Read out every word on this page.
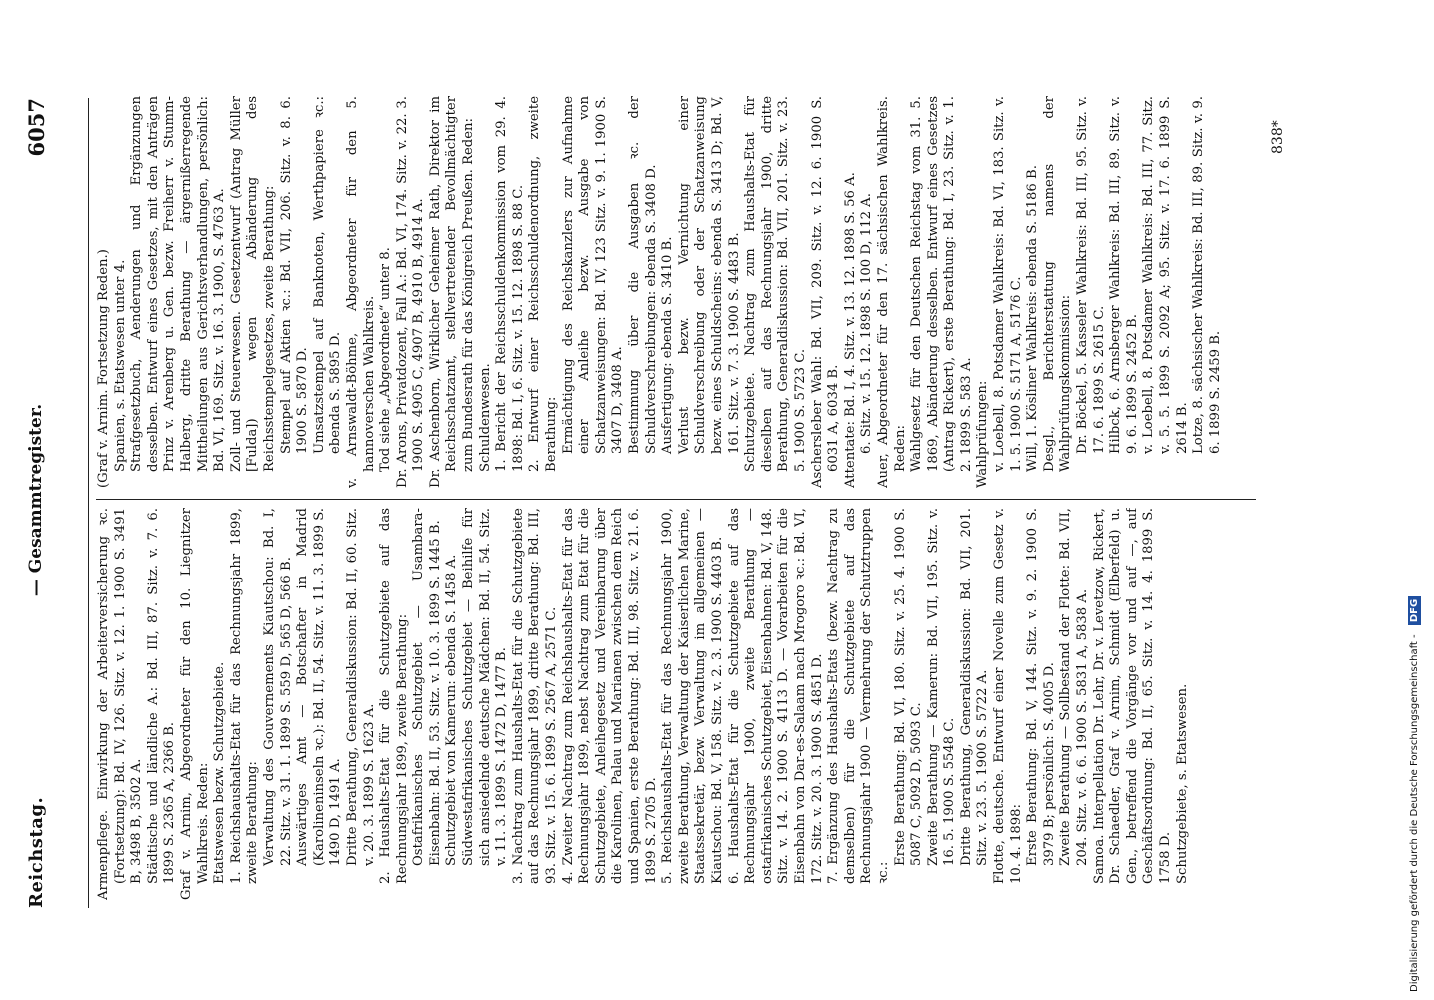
Reichstag.
— Gesammtregister.
6057

Armenpflege. Einwirkung der Arbeiterversicherung ꝛc. (Fortsetzung): Bd. IV, 126. Sitz. v. 12. 1. 1900 S. 3491 B, 3498 B, 3502 A. Städtische und ländliche A.: Bd. III, 87. Sitz. v. 7. 6. 1899 S. 2365 A, 2366 B. Graf v. Arnim, Abgeordneter für den 10. Liegnitzer Wahlkreis. Reden: Etatswesen bezw. Schutzgebiete. 1. Reichshaushalts-Etat für das Rechnungsjahr 1899, zweite Berathung: Verwaltung des Gouvernements Kiautschou: Bd. I, 22. Sitz. v. 31. 1. 1899 S. 559 D, 565 D, 566 B. Auswärtiges Amt — Botschafter in Madrid (Karolineninseln ꝛc.): Bd. II, 54. Sitz. v. 11. 3. 1899 S. 1490 D, 1491 A. Dritte Berathung, Generaldiskussion: Bd. II, 60. Sitz. v. 20. 3. 1899 S. 1623 A. 2. Haushalts-Etat für die Schutzgebiete auf das Rechnungsjahr 1899, zweite Berathung: Ostafrikanisches Schutzgebiet — Usambara-Eisenbahn: Bd. II, 53. Sitz. v. 10. 3. 1899 S. 1445 B. Schutzgebiet von Kamerun: ebenda S. 1458 A. Südwestafrikanisches Schutzgebiet — Beihilfe für sich ansiedelnde deutsche Mädchen: Bd. II, 54. Sitz. v. 11. 3. 1899 S. 1472 D, 1477 B. 3. Nachtrag zum Haushalts-Etat für die Schutzgebiete auf das Rechnungsjahr 1899, dritte Berathung: Bd. III, 93. Sitz. v. 15. 6. 1899 S. 2567 A, 2571 C. 4. Zweiter Nachtrag zum Reichshaushalts-Etat für das Rechnungsjahr 1899, nebst Nachtrag zum Etat für die Schutzgebiete, Anleihegesetz und Vereinbarung über die Karolinen, Palau und Marianen zwischen dem Reich und Spanien, erste Berathung: Bd. III, 98. Sitz. v. 21. 6. 1899 S. 2705 D. 5. Reichshaushalts-Etat für das Rechnungsjahr 1900, zweite Berathung, Verwaltung der Kaiserlichen Marine, Staatssekretär, bezw. Verwaltung im allgemeinen — Kiautschou: Bd. V, 158. Sitz. v. 2. 3. 1900 S. 4403 B. 6. Haushalts-Etat für die Schutzgebiete auf das Rechnungsjahr 1900, zweite Berathung — ostafrikanisches Schutzgebiet, Eisenbahnen: Bd. V, 148. Sitz. v. 14. 2. 1900 S. 4113 D. — Vorarbeiten für die Eisenbahn von Dar-es-Salaam nach Mrogoro ꝛc.: Bd. VI, 172. Sitz. v. 20. 3. 1900 S. 4851 D. 7. Ergänzung des Haushalts-Etats (bezw. Nachtrag zu demselben) für die Schutzgebiete auf das Rechnungsjahr 1900 — Vermehrung der Schutztruppen ꝛc.:

Erste Berathung: Bd. VI, 180. Sitz. v. 25. 4. 1900 S. 5087 C, 5092 D, 5093 C. Zweite Berathung — Kamerun: Bd. VII, 195. Sitz. v. 16. 5. 1900 S. 5548 C. Dritte Berathung, Generaldiskussion: Bd. VII, 201. Sitz. v. 23. 5. 1900 S. 5722 A. Flotte, deutsche. Entwurf einer Novelle zum Gesetz v. 10. 4. 1898: Erste Berathung: Bd. V, 144. Sitz. v. 9. 2. 1900 S. 3979 B; persönlich: S. 4005 D. Zweite Berathung — Sollbestand der Flotte: Bd. VII, 204. Sitz. v. 6. 6. 1900 S. 5831 A, 5838 A. Samoa. Interpellation Dr. Lehr, Dr. v. Levetzow, Rickert, Dr. Schaedler, Graf v. Arnim, Schmidt (Elberfeld) u. Gen., betreffend die Vorgänge vor und auf —, auf Geschäftsordnung: Bd. II, 65. Sitz. v. 14. 4. 1899 S. 1758 D. Schutzgebiete, s. Etatswesen.

(Graf v. Arnim. Fortsetzung Reden.) Spanien, s. Etatswesen unter 4. Strafgesetzbuch, Aenderungen und Ergänzungen desselben. Entwurf eines Gesetzes, mit den Anträgen Prinz v. Arenberg u. Gen. bezw. Freiherr v. Stumm-Halberg, dritte Berathung — ärgernißerregende Mittheilungen aus Gerichtsverhandlungen, persönlich: Bd. VI, 169. Sitz. v. 16. 3. 1900, S. 4763 A. Zoll- und Steuerwesen. Gesetzentwurf (Antrag Müller [Fulda]) wegen Abänderung des Reichsstempelgesetzes, zweite Berathung: Stempel auf Aktien ꝛc.: Bd. VII, 206. Sitz. v. 8. 6. 1900 S. 5870 D. Umsatzstempel auf Banknoten, Werthpapiere ꝛc.: ebenda S. 5895 D. v. Arnswaldt-Böhme, Abgeordneter für den 5. hannoverschen Wahlkreis. Tod siehe „Abgeordnete“ unter 8. Dr. Arons, Privatdozent, Fall A.: Bd. VI, 174. Sitz. v. 22. 3. 1900 S. 4905 C, 4907 B, 4910 B, 4914 A. Dr. Aschenborn, Wirklicher Geheimer Rath, Direktor im Reichsschatzamt, stellvertretender Bevollmächtigter zum Bundesrath für das Königreich Preußen. Reden: Schuldenwesen. 1. Bericht der Reichsschuldenkommission vom 29. 4. 1898: Bd. I, 6. Sitz. v. 15. 12. 1898 S. 88 C. 2. Entwurf einer Reichsschuldenordnung, zweite Berathung: Ermächtigung des Reichskanzlers zur Aufnahme einer Anleihe bezw. Ausgabe von Schatzanweisungen: Bd. IV, 123 Sitz. v. 9. 1. 1900 S. 3407 D, 3408 A. Bestimmung über die Ausgaben ꝛc. der Schuldverschreibungen: ebenda S. 3408 D. Ausfertigung: ebenda S. 3410 B. Verlust bezw. Vernichtung einer Schuldverschreibung oder der Schatzanweisung bezw. eines Schuldscheins: ebenda S. 3413 D; Bd. V, 161. Sitz. v. 7. 3. 1900 S. 4483 B. Schutzgebiete. Nachtrag zum Haushalts-Etat für dieselben auf das Rechnungsjahr 1900, dritte Berathung, Generaldiskussion: Bd. VII, 201. Sitz. v. 23. 5. 1900 S. 5723 C. Aschersleber Wahl: Bd. VII, 209. Sitz. v. 12. 6. 1900 S. 6031 A, 6034 B. Attentate: Bd. I, 4. Sitz. v. 13. 12. 1898 S. 56 A. 6. Sitz. v. 15. 12. 1898 S. 100 D, 112 A. Auer, Abgeordneter für den 17. sächsischen Wahlkreis. Reden: Wahlgesetz für den Deutschen Reichstag vom 31. 5. 1869, Abänderung desselben. Entwurf eines Gesetzes (Antrag Rickert), erste Berathung: Bd. I, 23. Sitz. v. 1. 2. 1899 S. 583 A. Wahlprüfungen: v. Loebell, 8. Potsdamer Wahlkreis: Bd. VI, 183. Sitz. v. 1. 5. 1900 S. 5171 A, 5176 C. Will, 1. Kösliner Wahlkreis: ebenda S. 5186 B. Desgl., Berichterstattung namens der Wahlprüfungskommission: Dr. Böckel, 5. Kasseler Wahlkreis: Bd. III, 95. Sitz. v. 17. 6. 1899 S. 2615 C. Hilbck, 6. Arnsberger Wahlkreis: Bd. III, 89. Sitz. v. 9. 6. 1899 S. 2452 B. v. Loebell, 8. Potsdamer Wahlkreis: Bd. III, 77. Sitz. v. 5. 5. 1899 S. 2092 A; 95. Sitz. v. 17. 6. 1899 S. 2614 B. Lotze, 8. sächsischer Wahlkreis: Bd. III, 89. Sitz. v. 9. 6. 1899 S. 2459 B.

838*
Digitalisierung gefördert durch die Deutsche Forschungsgemeinschaft - DFG
